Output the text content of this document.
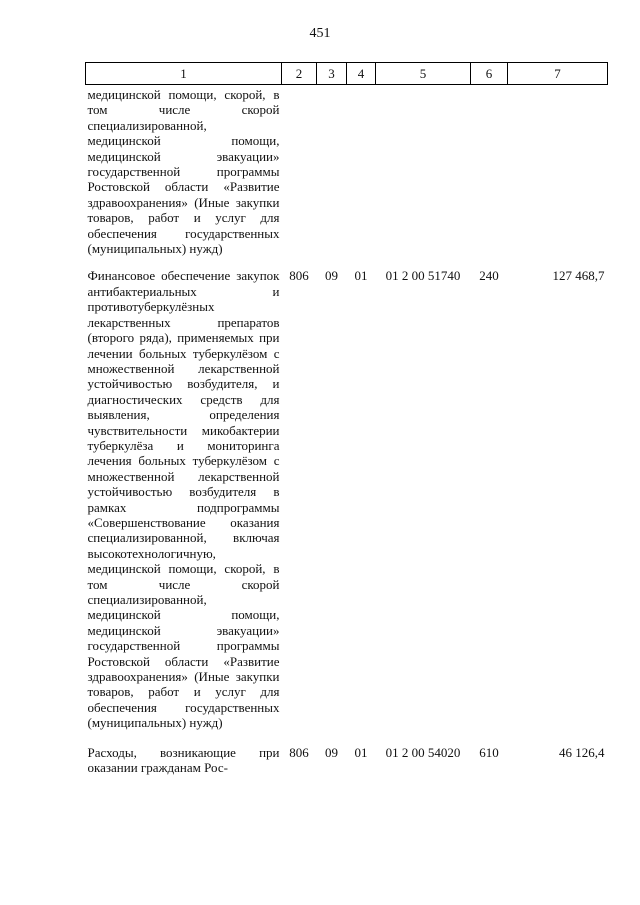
451
1	2	3	4	5	6	7
медицинской помощи, скорой, в том числе скорой специализированной, медицинской помощи, медицинской эвакуации» государственной программы Ростовской области «Развитие здравоохранения» (Иные закупки товаров, работ и услуг для обеспечения государственных (муниципальных) нужд)						
Финансовое обеспечение закупок антибактериальных и противотуберкулёзных лекарственных препаратов (второго ряда), применяемых при лечении больных туберкулёзом с множественной лекарственной устойчивостью возбудителя, и диагностических средств для выявления, определения чувствительности микобактерии туберкулёза и мониторинга лечения больных туберкулёзом с множественной лекарственной устойчивостью возбудителя в рамках подпрограммы «Совершенствование оказания специализированной, включая высокотехнологичную, медицинской помощи, скорой, в том числе скорой специализированной, медицинской помощи, медицинской эвакуации» государственной программы Ростовской области «Развитие здравоохранения» (Иные закупки товаров, работ и услуг для обеспечения государственных (муниципальных) нужд)	806	09	01	01 2 00 51740	240	127 468,7
Расходы, возникающие при оказании гражданам Рос-	806	09	01	01 2 00 54020	610	46 126,4
